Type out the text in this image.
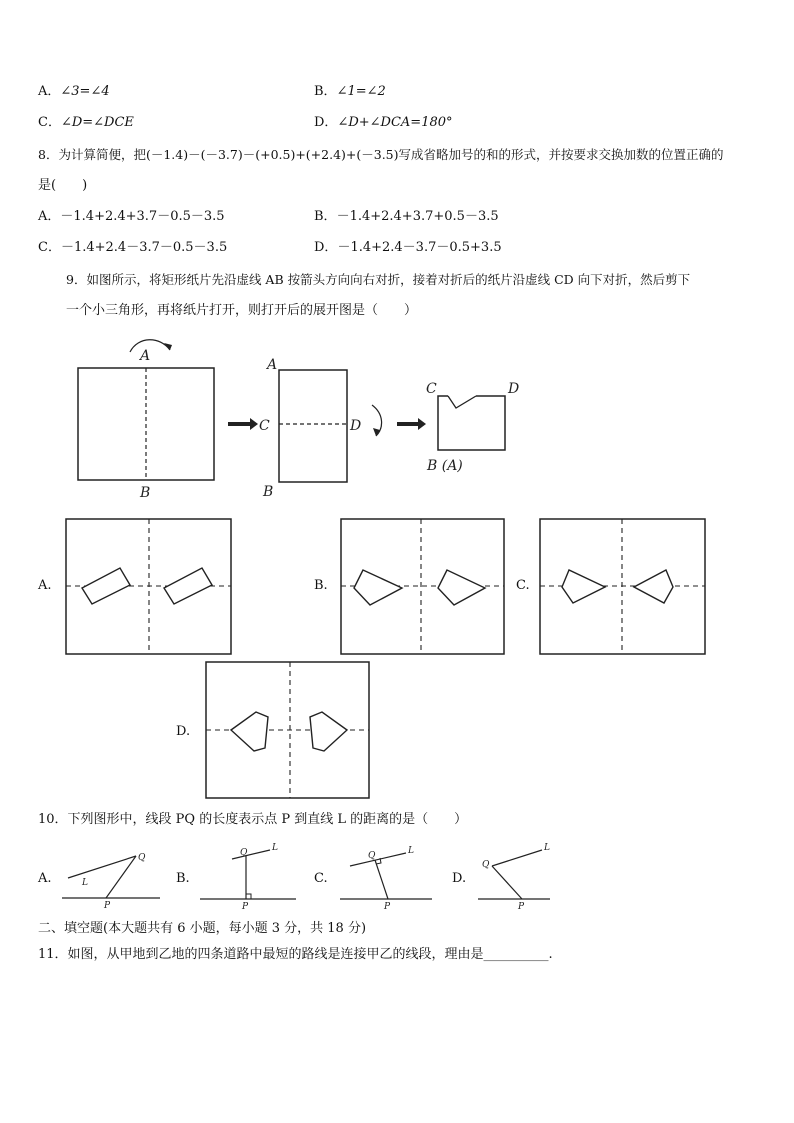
A．∠3=∠4	B．∠1=∠2
C．∠D=∠DCE	D．∠D+∠DCA=180°
8．为计算简便，把(－1.4)－(－3.7)－(+0.5)+(+2.4)+(－3.5)写成省略加号的和的形式，并按要求交换加数的位置正确的
是(　　)
A．－1.4+2.4+3.7－0.5－3.5	B．－1.4+2.4+3.7+0.5－3.5
C．－1.4+2.4－3.7－0.5－3.5	D．－1.4+2.4－3.7－0.5+3.5
9．如图所示，将矩形纸片先沿虚线 AB 按箭头方向向右对折，接着对折后的纸片沿虚线 CD 向下对折，然后剪下
一个小三角形，再将纸片打开，则打开后的展开图是（　　）
A
B
A
B
C	D
C	D
B (A)
A.	B.	C.
D.
10．下列图形中，线段 PQ 的长度表示点 P 到直线 L 的距离的是（　　）
A.	B.	C.	D.
Q
L
P
Q	L
P
Q	L
P
Q
L
P
二、填空题(本大题共有 6 小题，每小题 3 分，共 18 分)
11．如图，从甲地到乙地的四条道路中最短的路线是连接甲乙的线段，理由是__________.
